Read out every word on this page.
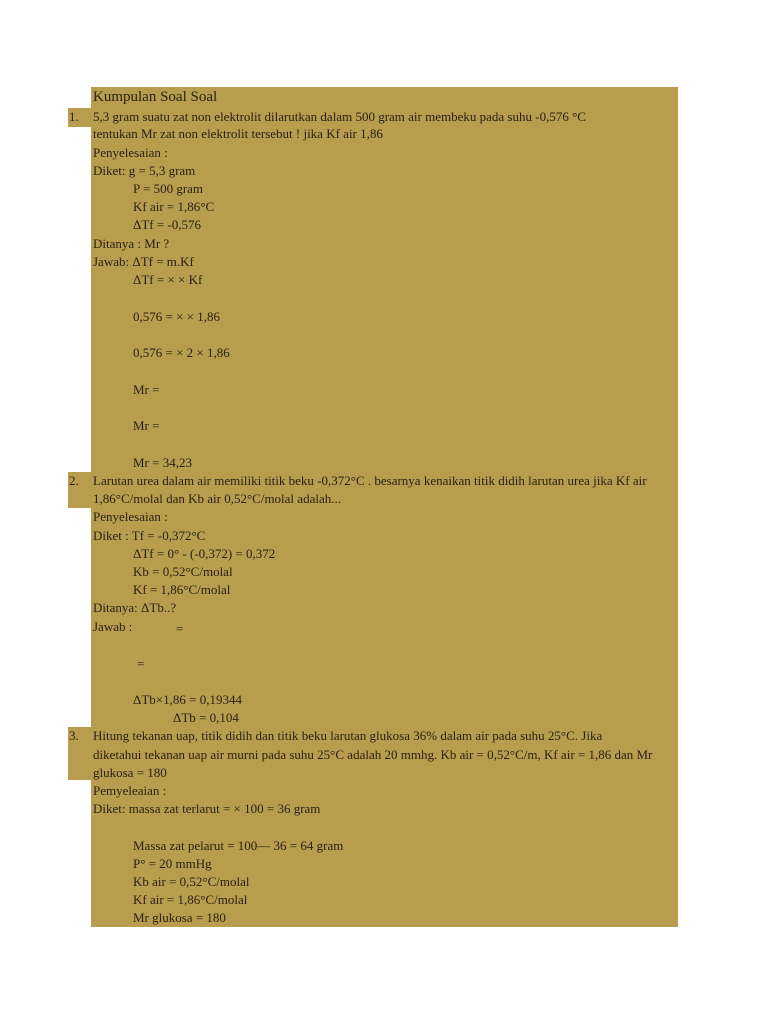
Kumpulan Soal Soal
1. 5,3 gram suatu zat non elektrolit dilarutkan dalam 500 gram air membeku pada suhu -0,576 °C
tentukan Mr zat non elektrolit tersebut ! jika Kf air 1,86
Penyelesaian :
Diket: g = 5,3 gram
P = 500 gram
Kf air = 1,86°C
ΔTf = -0,576
Ditanya : Mr ?
Jawab: ΔTf = m.Kf
ΔTf = × × Kf
0,576 = × × 1,86
0,576 = × 2 × 1,86
Mr =
Mr =
Mr = 34,23
2. Larutan urea dalam air memiliki titik beku -0,372°C . besarnya kenaikan titik didih larutan urea jika Kf air
1,86°C/molal dan Kb air 0,52°C/molal adalah...
Penyelesaian :
Diket : Tf = -0,372°C
ΔTf = 0° - (-0,372) = 0,372
Kb = 0,52°C/molal
Kf = 1,86°C/molal
Ditanya: ΔTb..?
Jawab :	=
=
ΔTb×1,86 = 0,19344
ΔTb = 0,104
3. Hitung tekanan uap, titik didih dan titik beku larutan glukosa 36% dalam air pada suhu 25°C. Jika
diketahui tekanan uap air murni pada suhu 25°C adalah 20 mmhg. Kb air = 0,52°C/m, Kf air = 1,86 dan Mr
glukosa = 180
Pemyeleaian :
Diket: massa zat terlarut = × 100 = 36 gram
Massa zat pelarut = 100— 36 = 64 gram
P° = 20 mmHg
Kb air = 0,52°C/molal
Kf air = 1,86°C/molal
Mr glukosa = 180
